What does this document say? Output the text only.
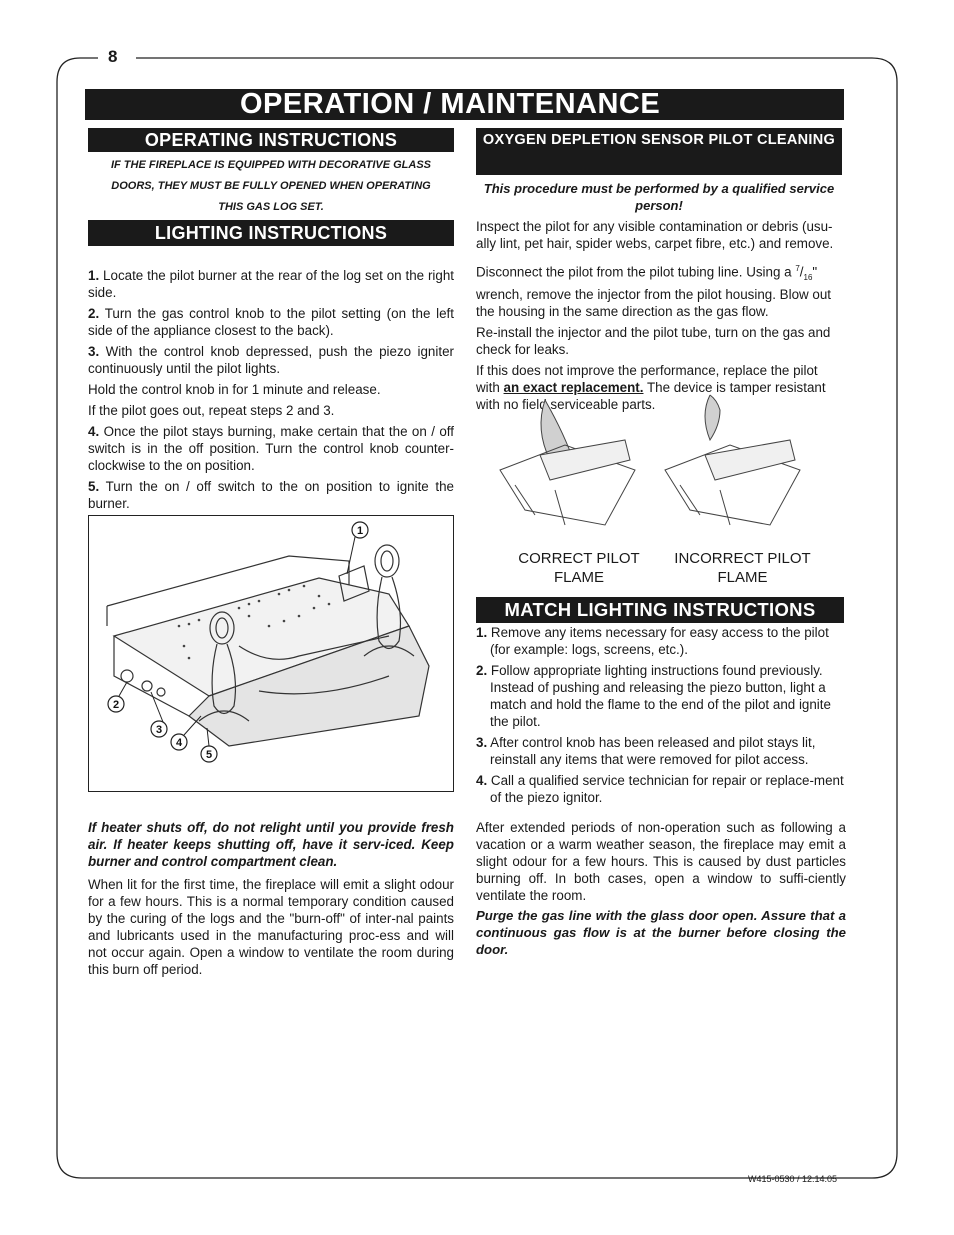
8
OPERATION / MAINTENANCE
OPERATING INSTRUCTIONS
IF THE FIREPLACE IS EQUIPPED WITH DECORATIVE GLASS
DOORS, THEY MUST BE FULLY OPENED WHEN OPERATING
THIS GAS LOG SET.
LIGHTING INSTRUCTIONS

1. Locate the pilot burner at the rear of the log set on the right side.

2. Turn the gas control knob to the pilot setting (on the left side of the appliance closest to the back).

3. With the control knob depressed, push the piezo igniter continuously until the pilot lights.

Hold the control knob in for 1 minute and release.

If the pilot goes out, repeat steps 2 and 3.

4. Once the pilot stays burning, make certain that the on / off switch is in the off position. Turn the control knob counter-clockwise to the on position.

5. Turn the on / off switch to the on position to ignite the burner.

1
2
3
4
5
If heater shuts off, do not relight until you provide fresh air. If heater keeps shutting off, have it serv-iced. Keep burner and control compartment clean.
When lit for the first time, the fireplace will emit a slight odour for a few hours. This is a normal temporary condition caused by the curing of the logs and the "burn-off" of inter-nal paints and lubricants used in the manufacturing proc-ess and will not occur again. Open a window to ventilate the room during this burn off period.
OXYGEN DEPLETION SENSOR PILOT CLEANING
This procedure must be performed by a qualified service person!

Inspect the pilot for any visible contamination or debris (usu-ally lint, pet hair, spider webs, carpet fibre, etc.) and remove.

Disconnect the pilot from the pilot tubing line. Using a $^7/_{16}$" wrench, remove the injector from the pilot housing. Blow out the housing in the same direction as the gas flow.

Re-install the injector and the pilot tube, turn on the gas and check for leaks.

If this does not improve the performance, replace the pilot with an exact replacement. The device is tamper resistant with no field serviceable parts.

CORRECT PILOT FLAME
INCORRECT PILOT FLAME
MATCH LIGHTING INSTRUCTIONS

1. Remove any items necessary for easy access to the pilot (for example: logs, screens, etc.).

2. Follow appropriate lighting instructions found previously. Instead of pushing and releasing the piezo button, light a match and hold the flame to the end of the pilot and ignite the pilot.

3. After control knob has been released and pilot stays lit, reinstall any items that were removed for pilot access.

4. Call a qualified service technician for repair or replace-ment of the piezo ignitor.

After extended periods of non-operation such as following a vacation or a warm weather season, the fireplace may emit a slight odour for a few hours. This is caused by dust particles burning off. In both cases, open a window to suffi-ciently ventilate the room.
Purge the gas line with the glass door open. Assure that a continuous gas flow is at the burner before closing the door.
W415-0530 / 12.14.05
